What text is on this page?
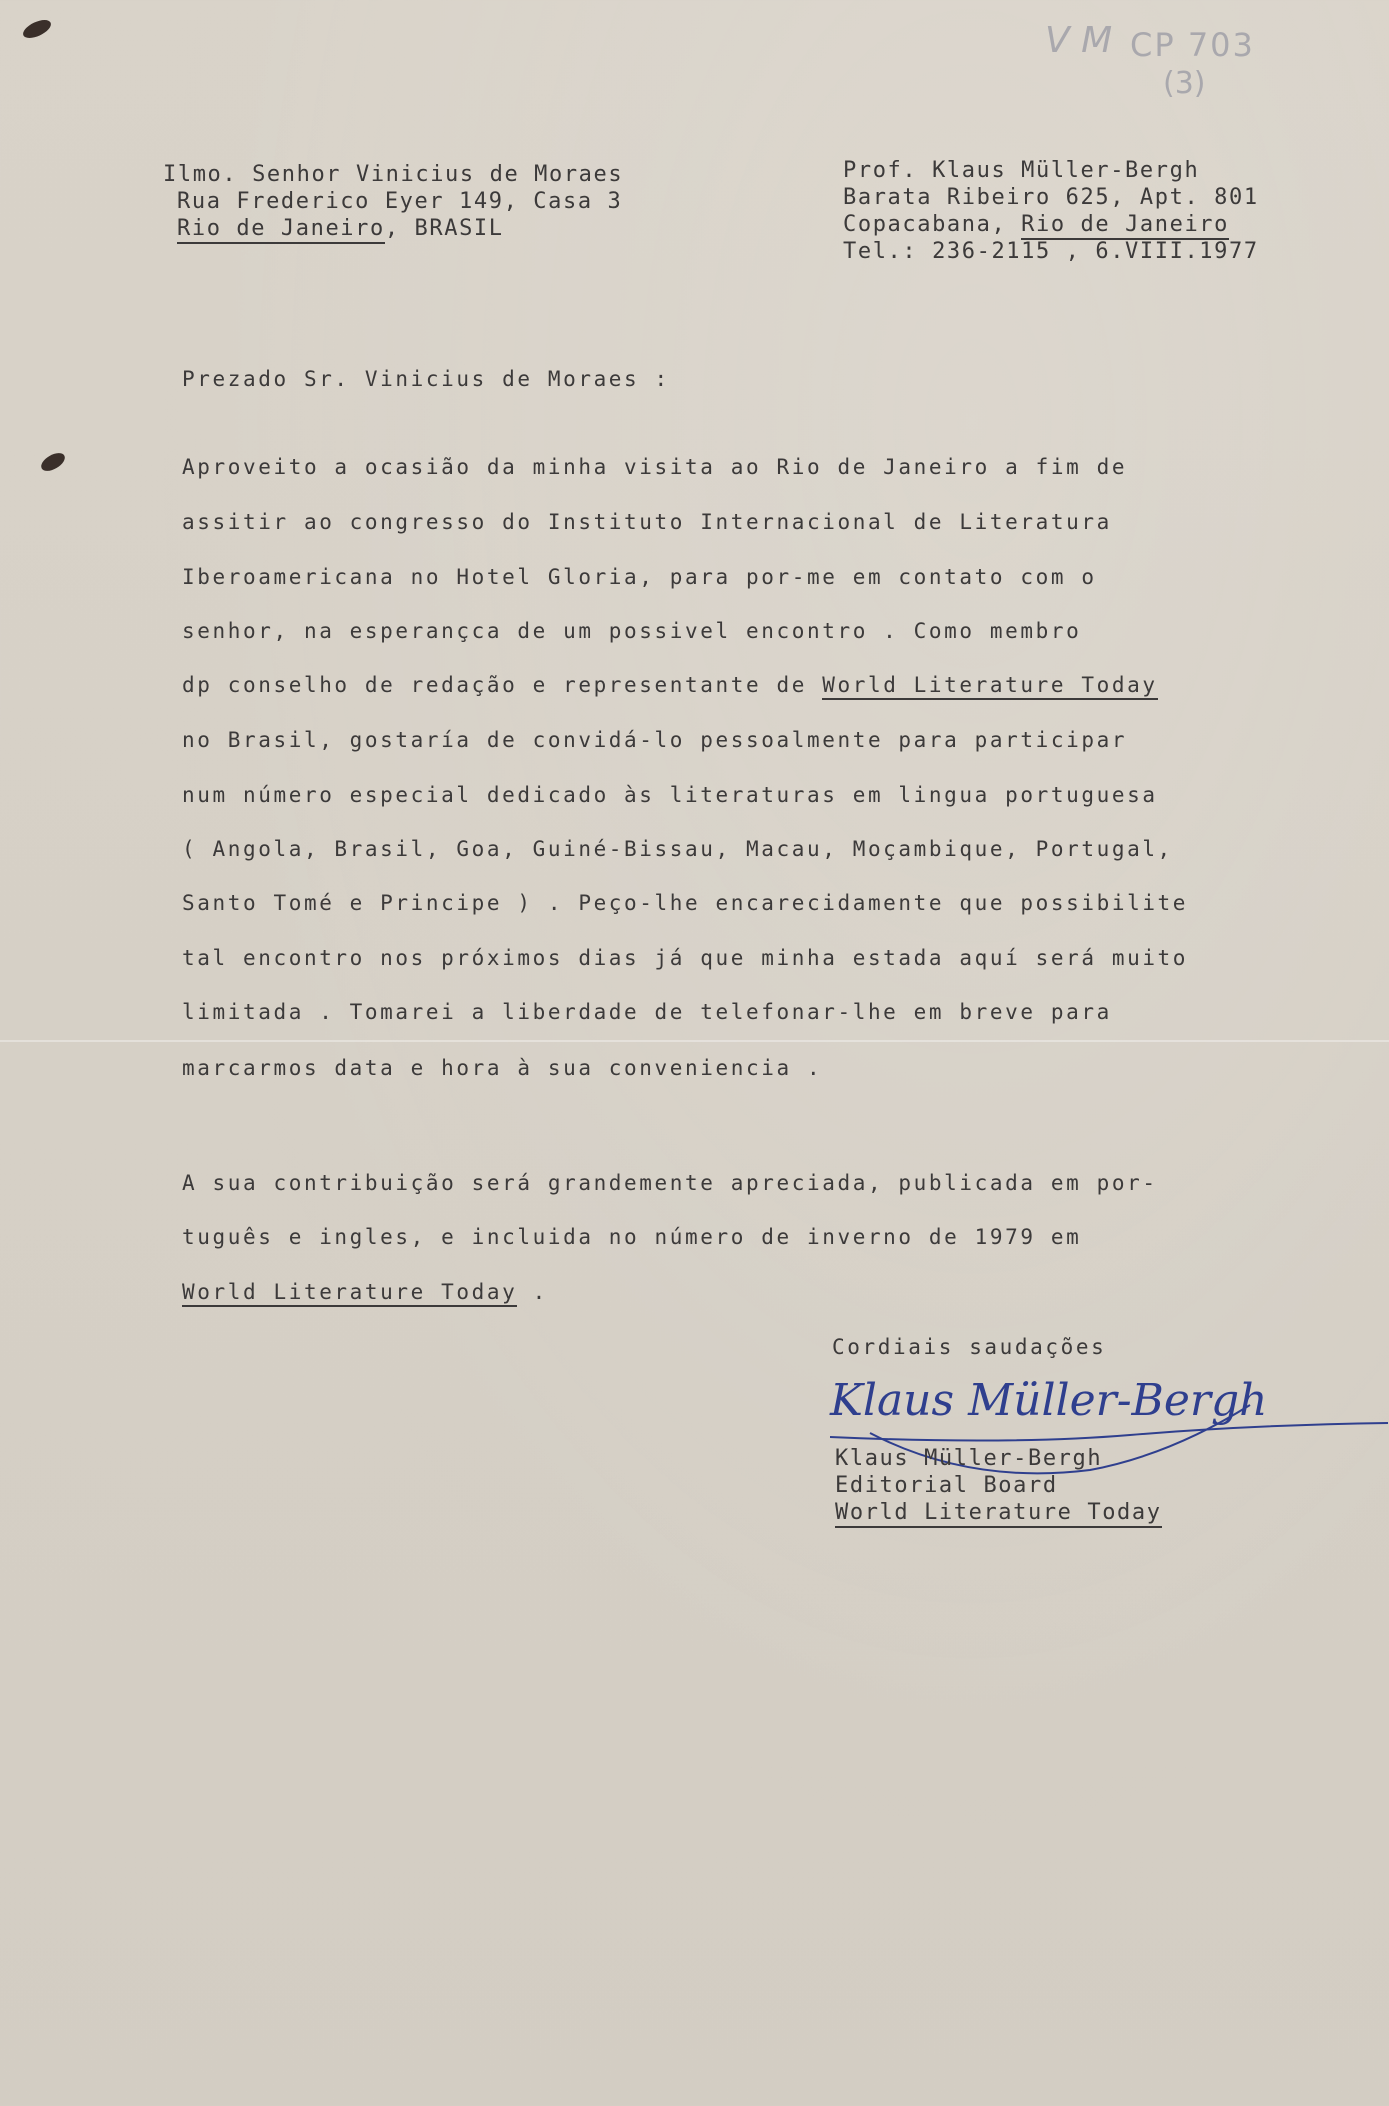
V M CP 703
(3)
Ilmo. Senhor Vinicius de Moraes
Rua Frederico Eyer 149, Casa 3
Rio de Janeiro, BRASIL
Prof. Klaus Müller-Bergh
Barata Ribeiro 625, Apt. 801
Copacabana, Rio de Janeiro
Tel.: 236-2115 , 6.VIII.1977
Prezado Sr. Vinicius de Moraes :
Aproveito a ocasião da minha visita ao Rio de Janeiro a fim de
assitir ao congresso do Instituto Internacional de Literatura
Iberoamericana no Hotel Gloria, para por-me em contato com o
senhor, na esperançca de um possivel encontro . Como membro
dp conselho de redação e representante de World Literature Today
no Brasil, gostaría de convidá-lo pessoalmente para participar
num número especial dedicado às literaturas em lingua portuguesa
( Angola, Brasil, Goa, Guiné-Bissau, Macau, Moçambique, Portugal,
Santo Tomé e Principe ) . Peço-lhe encarecidamente que possibilite
tal encontro nos próximos dias já que minha estada aquí será muito
limitada . Tomarei a liberdade de telefonar-lhe em breve para
marcarmos data e hora à sua conveniencia .
A sua contribuição será grandemente apreciada, publicada em por-
tuguês e ingles, e incluida no número de inverno de 1979 em
World Literature Today .
Cordiais saudações
Klaus Müller-Bergh
Klaus Müller-Bergh
Editorial Board
World Literature Today
